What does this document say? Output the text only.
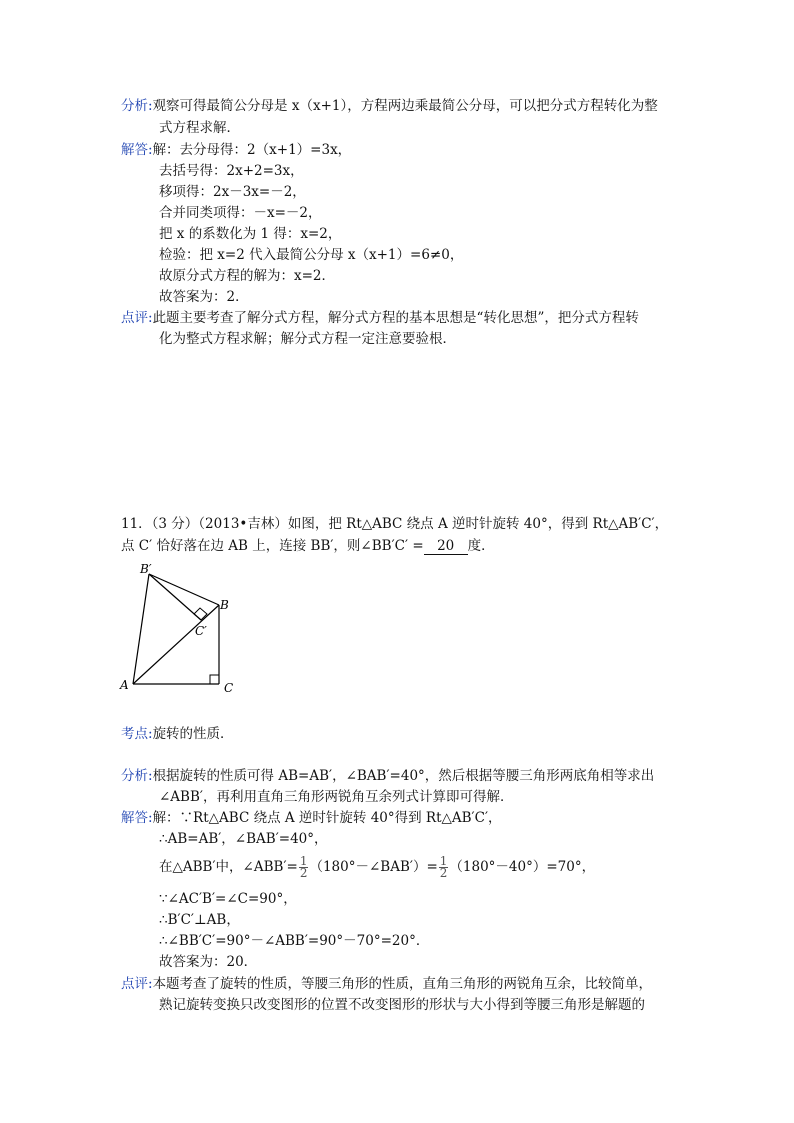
分析:观察可得最简公分母是 x（x+1），方程两边乘最简公分母，可以把分式方程转化为整
式方程求解．
解答:解：去分母得：2（x+1）=3x，
去括号得：2x+2=3x，
移项得：2x－3x=－2，
合并同类项得：－x=－2，
把 x 的系数化为 1 得：x=2，
检验：把 x=2 代入最简公分母 x（x+1）=6≠0，
故原分式方程的解为：x=2．
故答案为：2．
点评:此题主要考查了解分式方程，解分式方程的基本思想是“转化思想”，把分式方程转
化为整式方程求解；解分式方程一定注意要验根．
11．（3 分）（2013•吉林）如图，把 Rt△ABC 绕点 A 逆时针旋转 40°，得到 Rt△AB′C′，
点 C′ 恰好落在边 AB 上，连接 BB′，则∠BB′C′ = 20 度．
B′
B
C′
A	C
考点:旋转的性质．
分析:根据旋转的性质可得 AB=AB′，∠BAB′=40°，然后根据等腰三角形两底角相等求出
∠ABB′，再利用直角三角形两锐角互余列式计算即可得解．
解答:解：∵Rt△ABC 绕点 A 逆时针旋转 40°得到 Rt△AB′C′，
∴AB=AB′，∠BAB′=40°，
在△ABB′中，∠ABB′= $\frac{1}{2}$ （180°－∠BAB′）= $\frac{1}{2} (180^\circ-40^\circ)=70^\circ$，
∵∠AC′B′=∠C=90°，
∴B′C′⊥AB，
∴∠BB′C′=90°－∠ABB′=90°－70°=20°．
故答案为：20．
点评:本题考查了旋转的性质，等腰三角形的性质，直角三角形的两锐角互余，比较简单，
熟记旋转变换只改变图形的位置不改变图形的形状与大小得到等腰三角形是解题的
